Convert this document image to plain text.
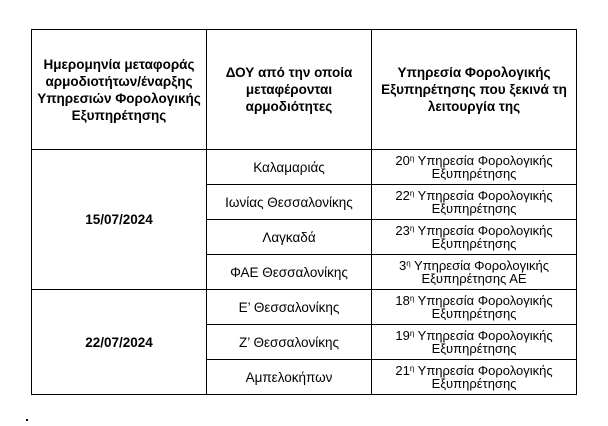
Ημερομηνία μεταφοράς αρμοδιοτήτων/έναρξης Υπηρεσιών Φορολογικής Εξυπηρέτησης	ΔΟΥ από την οποία μεταφέρονται αρμοδιότητες	Υπηρεσία Φορολογικής Εξυπηρέτησης που ξεκινά τη λειτουργία της
15/07/2024	Καλαμαριάς	$20^\eta$ Υπηρεσία Φορολογικής
Εξυπηρέτησης
	Ιωνίας Θεσσαλονίκης	$22^\eta$ Υπηρεσία Φορολογικής
Εξυπηρέτησης
	Λαγκαδά	$23^\eta$ Υπηρεσία Φορολογικής
Εξυπηρέτησης
	ΦΑΕ Θεσσαλονίκης	$3^\eta$ Υπηρεσία Φορολογικής
Εξυπηρέτησης ΑΕ
22/07/2024	Ε’ Θεσσαλονίκης	$18^\eta$ Υπηρεσία Φορολογικής
Εξυπηρέτησης
	Ζ’ Θεσσαλονίκης	$19^\eta$ Υπηρεσία Φορολογικής
Εξυπηρέτησης
	Αμπελοκήπων	$21^\eta$ Υπηρεσία Φορολογικής
Εξυπηρέτησης
